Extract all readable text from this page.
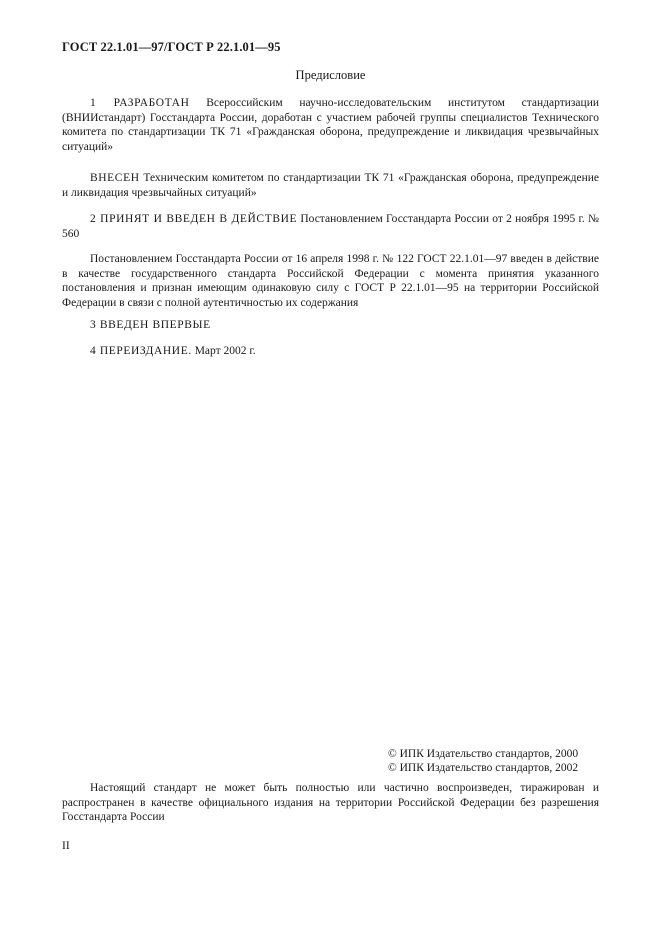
ГОСТ 22.1.01—97/ГОСТ Р 22.1.01—95
Предисловие

1 РАЗРАБОТАН Всероссийским научно-исследовательским институтом стандартизации (ВНИИстандарт) Госстандарта России, доработан с участием рабочей группы специалистов Технического комитета по стандартизации ТК 71 «Гражданская оборона, предупреждение и ликвидация чрезвычайных ситуаций»

ВНЕСЕН Техническим комитетом по стандартизации ТК 71 «Гражданская оборона, предупреждение и ликвидация чрезвычайных ситуаций»

2 ПРИНЯТ И ВВЕДЕН В ДЕЙСТВИЕ Постановлением Госстандарта России от 2 ноября 1995 г. № 560

Постановлением Госстандарта России от 16 апреля 1998 г. № 122 ГОСТ 22.1.01—97 введен в действие в качестве государственного стандарта Российской Федерации с момента принятия указанного постановления и признан имеющим одинаковую силу с ГОСТ Р 22.1.01—95 на территории Российской Федерации в связи с полной аутентичностью их содержания

3 ВВЕДЕН ВПЕРВЫЕ

4 ПЕРЕИЗДАНИЕ. Март 2002 г.

© ИПК Издательство стандартов, 2000
© ИПК Издательство стандартов, 2002

Настоящий стандарт не может быть полностью или частично воспроизведен, тиражирован и распространен в качестве официального издания на территории Российской Федерации без разрешения Госстандарта России

II
